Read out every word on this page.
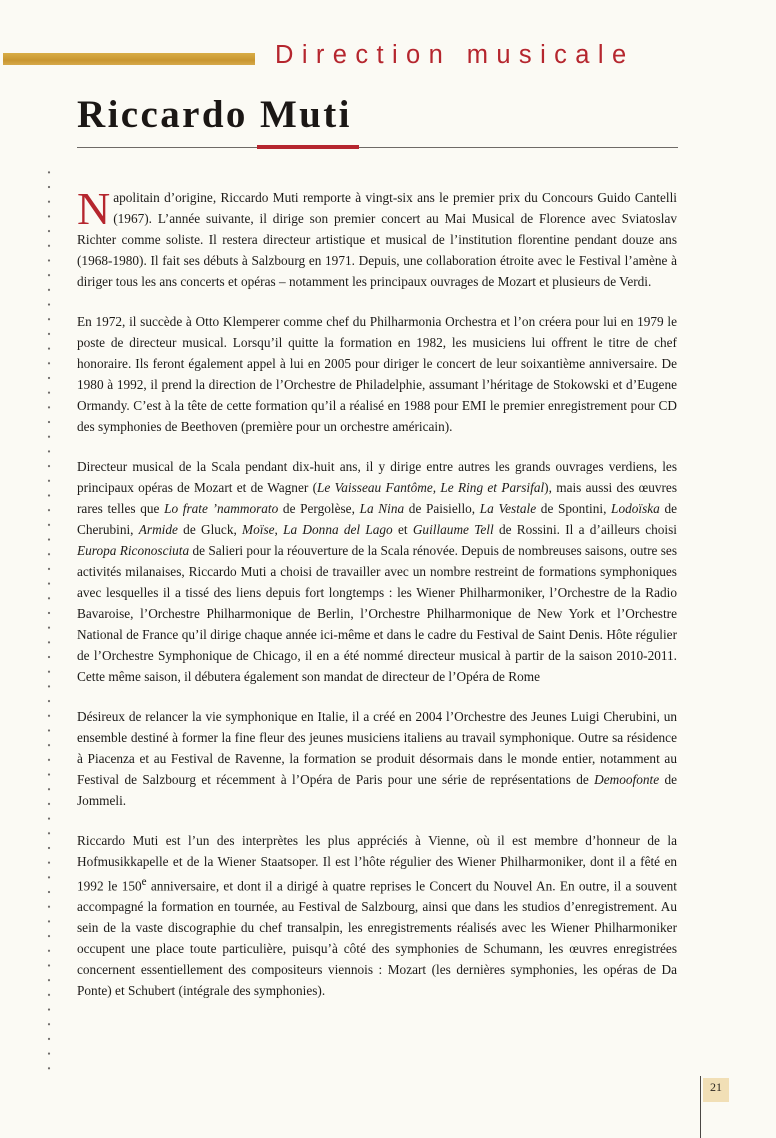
Direction musicale
Riccardo Muti

Napolitain d’origine, Riccardo Muti remporte à vingt-six ans le premier prix du Concours Guido Cantelli (1967). L’année suivante, il dirige son premier concert au Mai Musical de Florence avec Sviatoslav Richter comme soliste. Il restera directeur artistique et musical de l’institution florentine pendant douze ans (1968-1980). Il fait ses débuts à Salzbourg en 1971. Depuis, une collaboration étroite avec le Festival l’amène à diriger tous les ans concerts et opéras – notamment les principaux ouvrages de Mozart et plusieurs de Verdi.

En 1972, il succède à Otto Klemperer comme chef du Philharmonia Orchestra et l’on créera pour lui en 1979 le poste de directeur musical. Lorsqu’il quitte la formation en 1982, les musiciens lui offrent le titre de chef honoraire. Ils feront également appel à lui en 2005 pour diriger le concert de leur soixantième anniversaire. De 1980 à 1992, il prend la direction de l’Orchestre de Philadelphie, assumant l’héritage de Stokowski et d’Eugene Ormandy. C’est à la tête de cette formation qu’il a réalisé en 1988 pour EMI le premier enregistrement pour CD des symphonies de Beethoven (première pour un orchestre américain).

Directeur musical de la Scala pendant dix-huit ans, il y dirige entre autres les grands ouvrages verdiens, les principaux opéras de Mozart et de Wagner (Le Vaisseau Fantôme, Le Ring et Parsifal), mais aussi des œuvres rares telles que Lo frate ’nammorato de Pergolèse, La Nina de Paisiello, La Vestale de Spontini, Lodoïska de Cherubini, Armide de Gluck, Moïse, La Donna del Lago et Guillaume Tell de Rossini. Il a d’ailleurs choisi Europa Riconosciuta de Salieri pour la réouverture de la Scala rénovée. Depuis de nombreuses saisons, outre ses activités milanaises, Riccardo Muti a choisi de travailler avec un nombre restreint de formations symphoniques avec lesquelles il a tissé des liens depuis fort longtemps : les Wiener Philharmoniker, l’Orchestre de la Radio Bavaroise, l’Orchestre Philharmonique de Berlin, l’Orchestre Philharmonique de New York et l’Orchestre National de France qu’il dirige chaque année ici-même et dans le cadre du Festival de Saint Denis. Hôte régulier de l’Orchestre Symphonique de Chicago, il en a été nommé directeur musical à partir de la saison 2010-2011. Cette même saison, il débutera également son mandat de directeur de l’Opéra de Rome

Désireux de relancer la vie symphonique en Italie, il a créé en 2004 l’Orchestre des Jeunes Luigi Cherubini, un ensemble destiné à former la fine fleur des jeunes musiciens italiens au travail symphonique. Outre sa résidence à Piacenza et au Festival de Ravenne, la formation se produit désormais dans le monde entier, notamment au Festival de Salzbourg et récemment à l’Opéra de Paris pour une série de représentations de Demoofonte de Jommeli.

Riccardo Muti est l’un des interprètes les plus appréciés à Vienne, où il est membre d’honneur de la Hofmusikkapelle et de la Wiener Staatsoper. Il est l’hôte régulier des Wiener Philharmoniker, dont il a fêté en 1992 le 150e anniversaire, et dont il a dirigé à quatre reprises le Concert du Nouvel An. En outre, il a souvent accompagné la formation en tournée, au Festival de Salzbourg, ainsi que dans les studios d’enregistrement. Au sein de la vaste discographie du chef transalpin, les enregistrements réalisés avec les Wiener Philharmoniker occupent une place toute particulière, puisqu’à côté des symphonies de Schumann, les œuvres enregistrées concernent essentiellement des compositeurs viennois : Mozart (les dernières symphonies, les opéras de Da Ponte) et Schubert (intégrale des symphonies).

21
